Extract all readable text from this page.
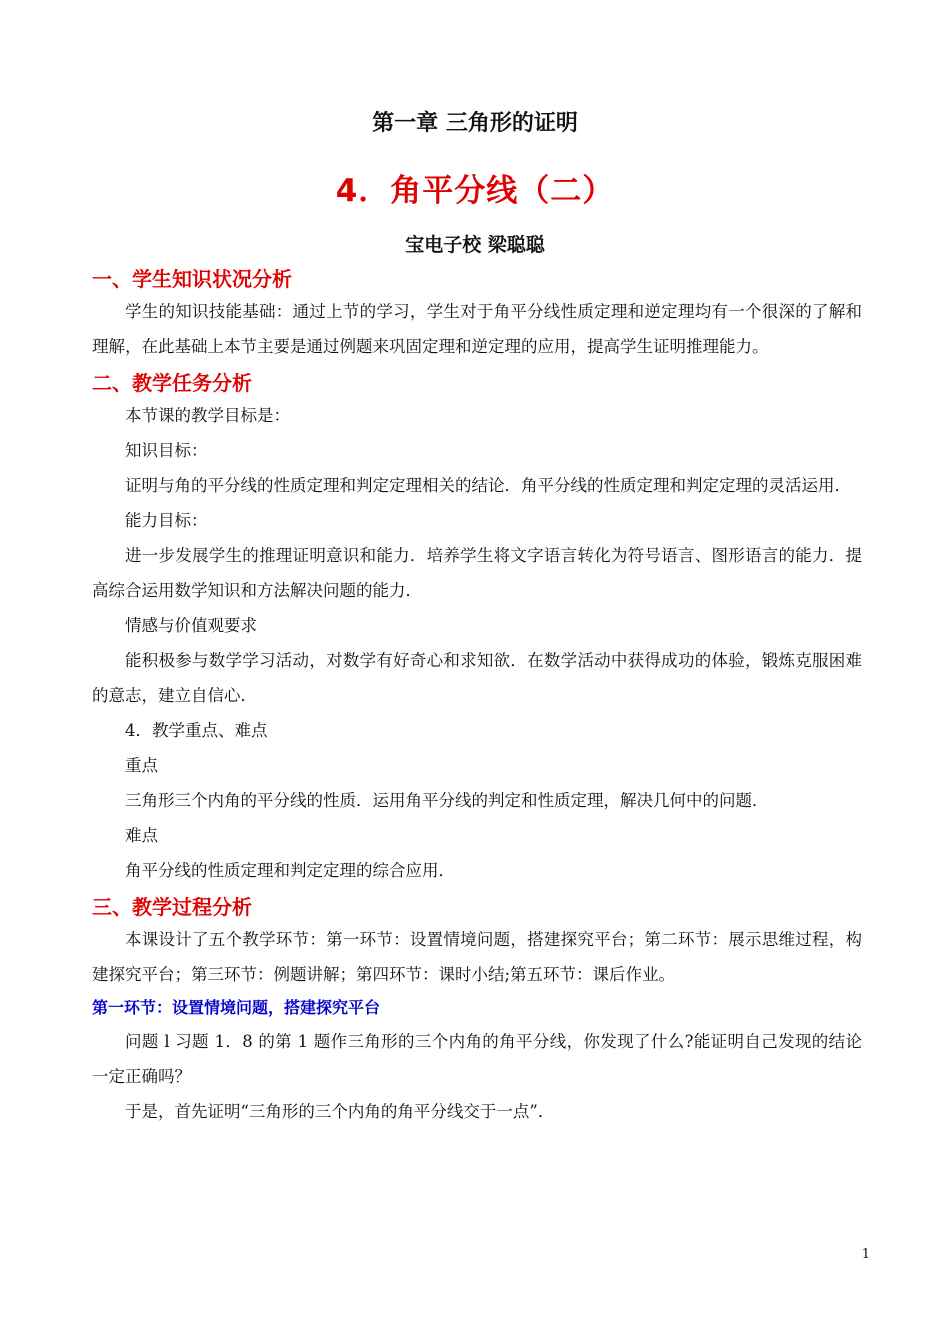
第一章 三角形的证明
4．角平分线（二）
宝电子校 梁聪聪
一、学生知识状况分析

学生的知识技能基础：通过上节的学习，学生对于角平分线性质定理和逆定理均有一个很深的了解和理解，在此基础上本节主要是通过例题来巩固定理和逆定理的应用，提高学生证明推理能力。

二、教学任务分析

本节课的教学目标是：

知识目标：

证明与角的平分线的性质定理和判定定理相关的结论．角平分线的性质定理和判定定理的灵活运用．

能力目标：

进一步发展学生的推理证明意识和能力．培养学生将文字语言转化为符号语言、图形语言的能力．提高综合运用数学知识和方法解决问题的能力．

情感与价值观要求

能积极参与数学学习活动，对数学有好奇心和求知欲．在数学活动中获得成功的体验，锻炼克服困难的意志，建立自信心．

4．教学重点、难点

重点

三角形三个内角的平分线的性质．运用角平分线的判定和性质定理，解决几何中的问题．

难点

角平分线的性质定理和判定定理的综合应用．

三、教学过程分析

本课设计了五个教学环节：第一环节：设置情境问题，搭建探究平台；第二环节：展示思维过程，构建探究平台；第三环节：例题讲解；第四环节：课时小结;第五环节：课后作业。

第一环节：设置情境问题，搭建探究平台

问题 l 习题 1．8 的第 1 题作三角形的三个内角的角平分线，你发现了什么?能证明自己发现的结论一定正确吗？

于是，首先证明“三角形的三个内角的角平分线交于一点”．

1
